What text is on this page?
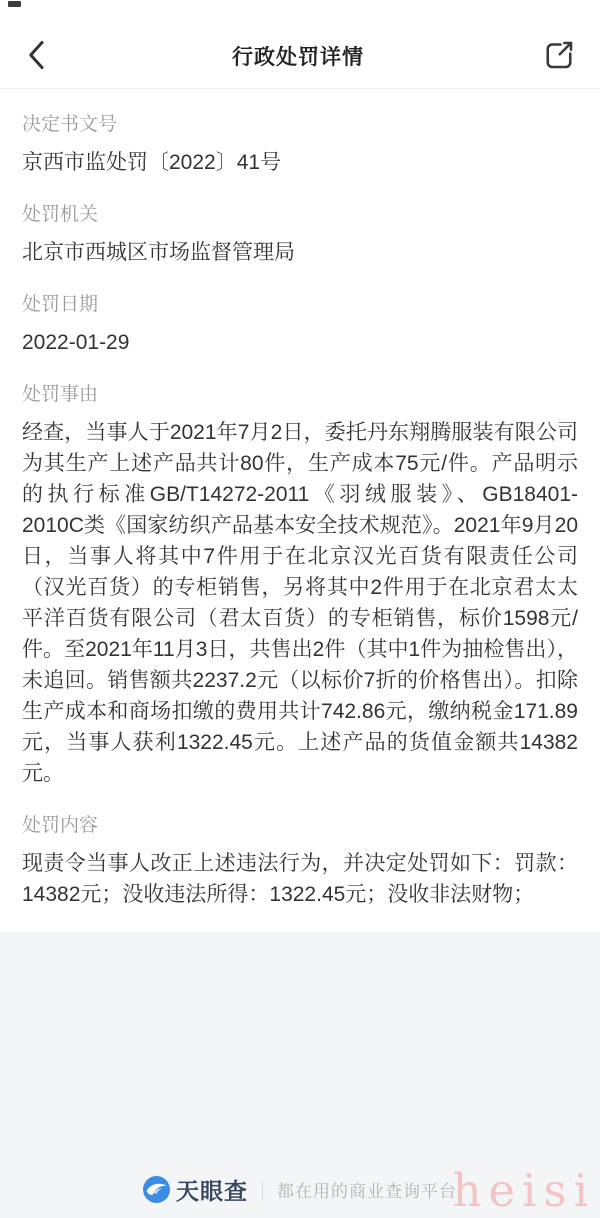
行政处罚详情
决定书文号
京西市监处罚〔2022〕41号
处罚机关
北京市西城区市场监督管理局
处罚日期
2022-01-29
处罚事由
经查，当事人于2021年7月2日，委托丹东翔腾服装有限公司为其生产上述产品共计80件，生产成本75元/件。产品明示的执行标准GB/T14272-2011《羽绒服装》、GB18401-2010C类《国家纺织产品基本安全技术规范》。2021年9月20日，当事人将其中7件用于在北京汉光百货有限责任公司（汉光百货）的专柜销售，另将其中2件用于在北京君太太平洋百货有限公司（君太百货）的专柜销售，标价1598元/件。至2021年11月3日，共售出2件（其中1件为抽检售出），未追回。销售额共2237.2元（以标价7折的价格售出）。扣除生产成本和商场扣缴的费用共计742.86元，缴纳税金171.89元，当事人获利1322.45元。上述产品的货值金额共14382元。
处罚内容
现责令当事人改正上述违法行为，并决定处罚如下：罚款：14382元；没收违法所得：1322.45元；没收非法财物；
天眼查 都在用的商业查询平台
heisi
